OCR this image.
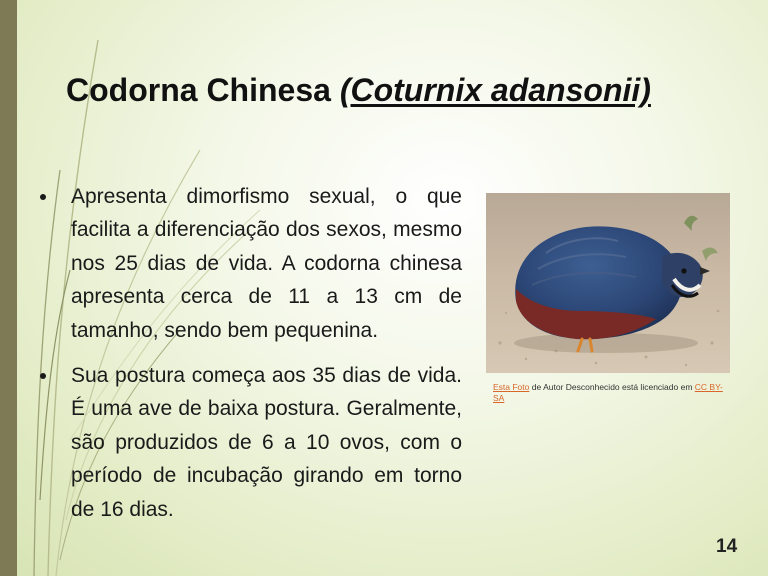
Codorna Chinesa (Coturnix adansonii)
Apresenta dimorfismo sexual, o que facilita a diferenciação dos sexos, mesmo nos 25 dias de vida. A codorna chinesa apresenta cerca de 11 a 13 cm de tamanho, sendo bem pequenina.
Sua postura começa aos 35 dias de vida. É uma ave de baixa postura. Geralmente, são produzidos de 6 a 10 ovos, com o período de incubação girando em torno de 16 dias.
Esta Foto de Autor Desconhecido está licenciado em CC BY-SA
14
